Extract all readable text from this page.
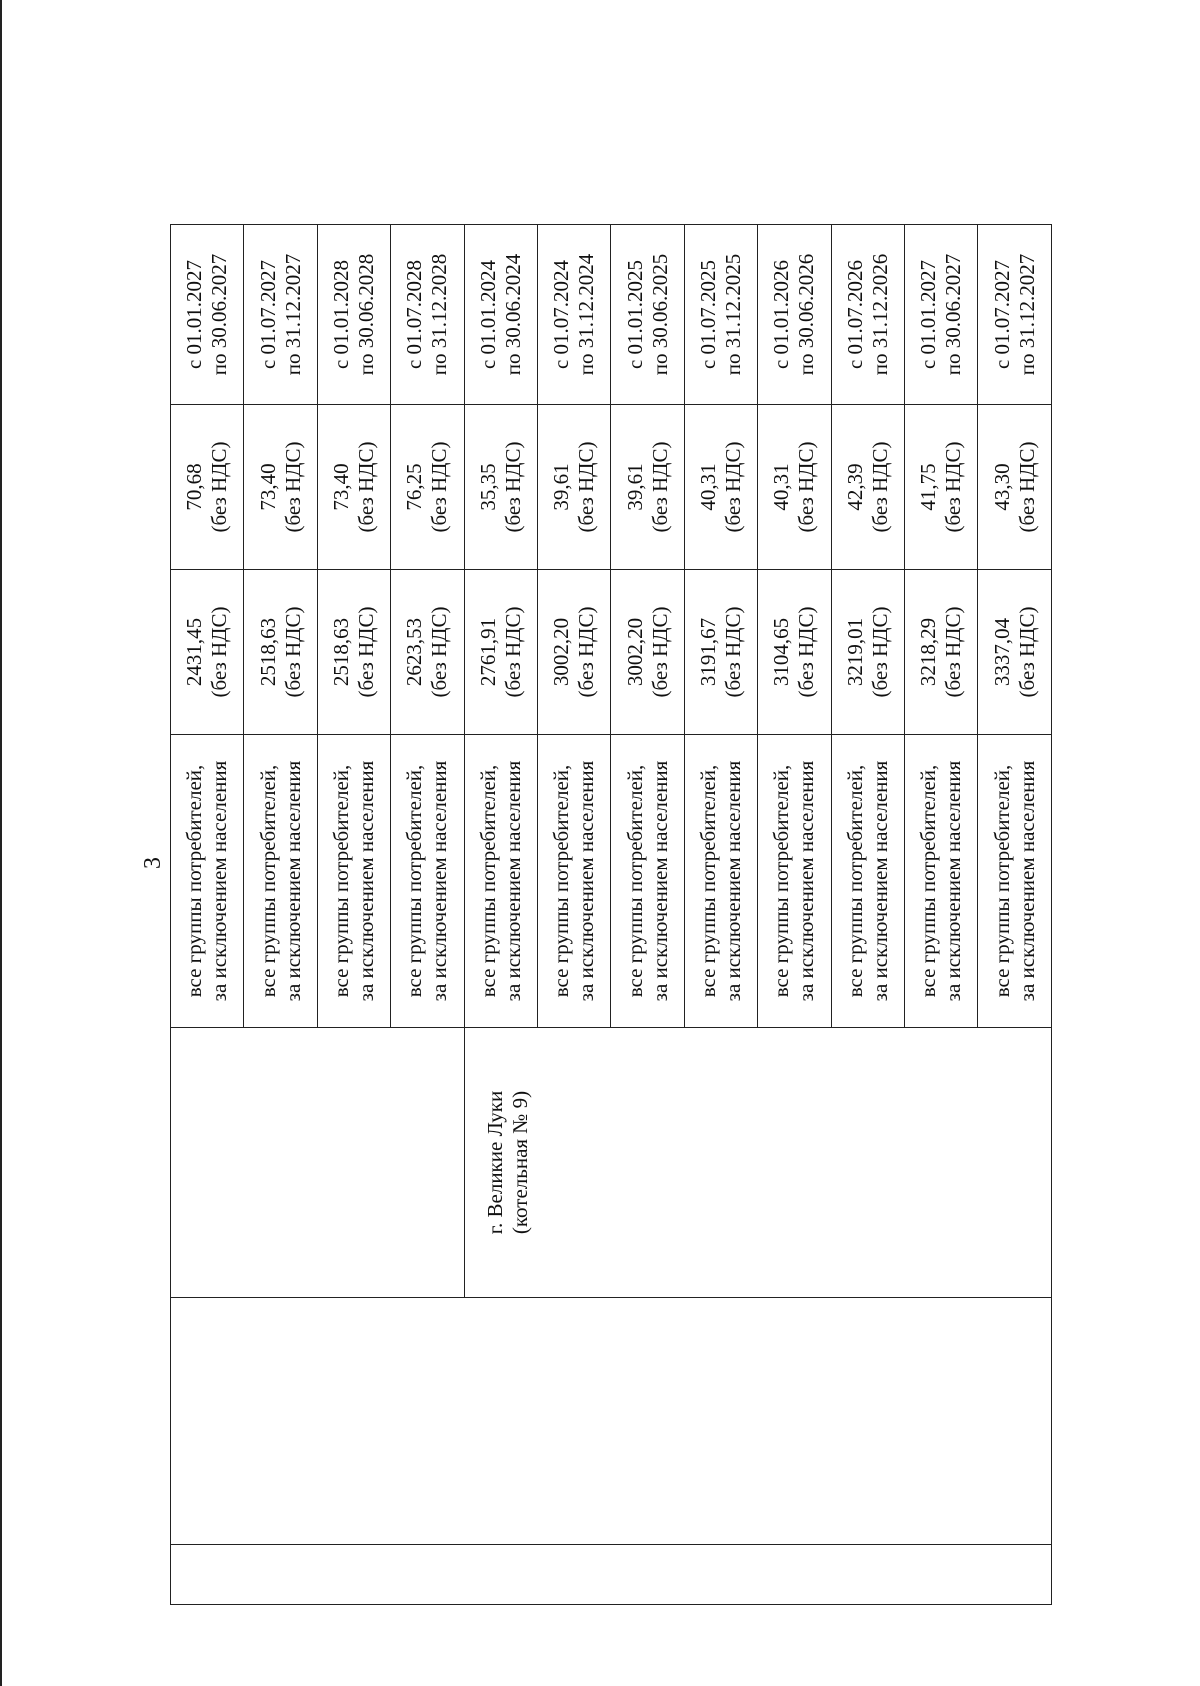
3

			все группы потребителей, за исключением населения	2431,45 (без НДС)	70,68 (без НДС)	с 01.01.2027 по 30.06.2027

			все группы потребителей, за исключением населения	2518,63 (без НДС)	73,40 (без НДС)	с 01.07.2027 по 31.12.2027

			все группы потребителей, за исключением населения	2518,63 (без НДС)	73,40 (без НДС)	с 01.01.2028 по 30.06.2028

			все группы потребителей, за исключением населения	2623,53 (без НДС)	76,25 (без НДС)	с 01.07.2028 по 31.12.2028

		г. Великие Луки (котельная № 9)	все группы потребителей, за исключением населения	2761,91 (без НДС)	35,35 (без НДС)	с 01.01.2024 по 30.06.2024

			все группы потребителей, за исключением населения	3002,20 (без НДС)	39,61 (без НДС)	с 01.07.2024 по 31.12.2024

			все группы потребителей, за исключением населения	3002,20 (без НДС)	39,61 (без НДС)	с 01.01.2025 по 30.06.2025

			все группы потребителей, за исключением населения	3191,67 (без НДС)	40,31 (без НДС)	с 01.07.2025 по 31.12.2025

			все группы потребителей, за исключением населения	3104,65 (без НДС)	40,31 (без НДС)	с 01.01.2026 по 30.06.2026

			все группы потребителей, за исключением населения	3219,01 (без НДС)	42,39 (без НДС)	с 01.07.2026 по 31.12.2026

			все группы потребителей, за исключением населения	3218,29 (без НДС)	41,75 (без НДС)	с 01.01.2027 по 30.06.2027

			все группы потребителей, за исключением населения	3337,04 (без НДС)	43,30 (без НДС)	с 01.07.2027 по 31.12.2027
